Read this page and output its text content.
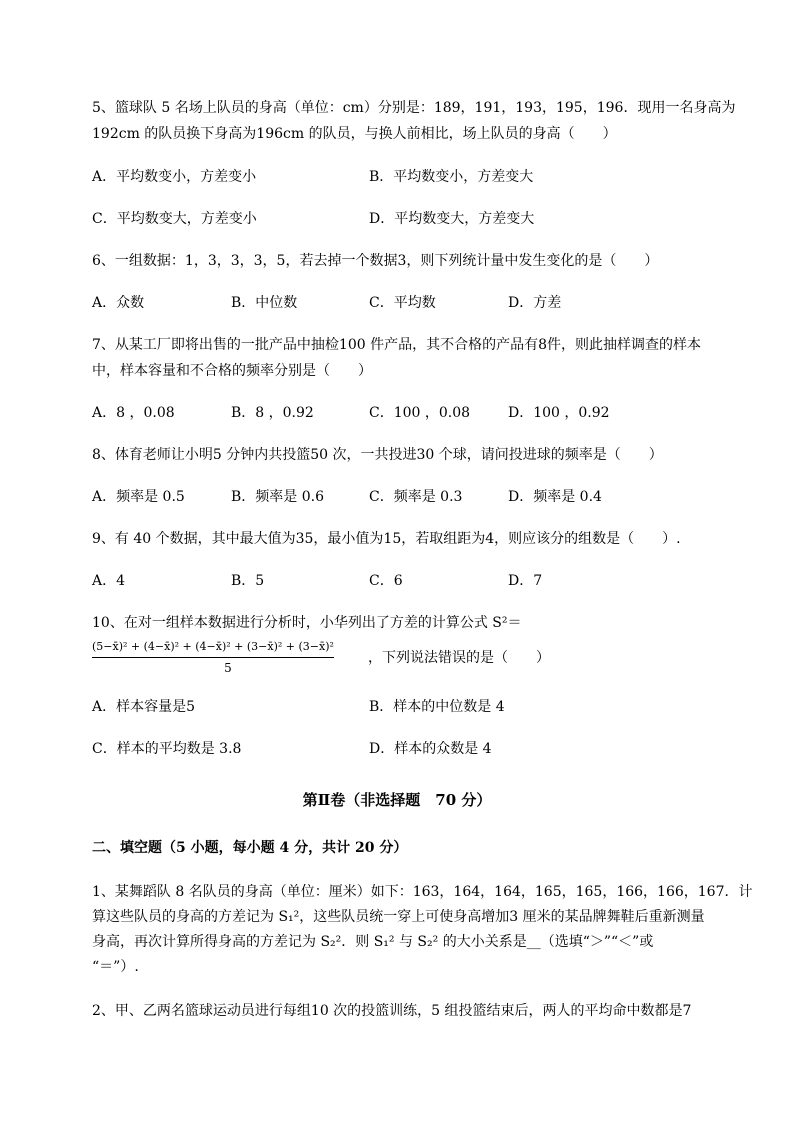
5、篮球队 5 名场上队员的身高（单位：cm）分别是：189，191，193，195，196．现用一名身高为
192cm 的队员换下身高为196cm 的队员，与换人前相比，场上队员的身高（　　）
A．平均数变小，方差变小	B．平均数变小，方差变大
C．平均数变大，方差变小	D．平均数变大，方差变大
6、一组数据：1，3，3，3，5，若去掉一个数据3，则下列统计量中发生变化的是（　　）
A．众数	B．中位数	C．平均数	D．方差
7、从某工厂即将出售的一批产品中抽检100 件产品，其不合格的产品有8件，则此抽样调查的样本
中，样本容量和不合格的频率分别是（　　）
A．8 ，0.08	B．8 ，0.92	C．100 ，0.08	D．100 ，0.92
8、体育老师让小明5 分钟内共投篮50 次，一共投进30 个球，请问投进球的频率是（　　）
A．频率是 0.5	B．频率是 0.6	C．频率是 0.3	D．频率是 0.4
9、有 40 个数据，其中最大值为35，最小值为15，若取组距为4，则应该分的组数是（　　）.
A．4	B．5	C．6	D．7
10、在对一组样本数据进行分析时，小华列出了方差的计算公式 S²＝
(5−x̄)² + (4−x̄)² + (4−x̄)² + (3−x̄)² + (3−x̄)²
5
，下列说法错误的是（　　）
A．样本容量是5	B．样本的中位数是 4
C．样本的平均数是 3.8	D．样本的众数是 4
第Ⅱ卷（非选择题　70 分）
二、填空题（5 小题，每小题 4 分，共计 20 分）
1、某舞蹈队 8 名队员的身高（单位：厘米）如下：163，164，164，165，165，166，166，167．计
算这些队员的身高的方差记为 S₁²，这些队员统一穿上可使身高增加3 厘米的某品牌舞鞋后重新测量
身高，再次计算所得身高的方差记为 S₂²．则 S₁² 与 S₂² 的大小关系是__（选填“＞”“＜”或
“＝”）.
2、甲、乙两名篮球运动员进行每组10 次的投篮训练，5 组投篮结束后，两人的平均命中数都是7
